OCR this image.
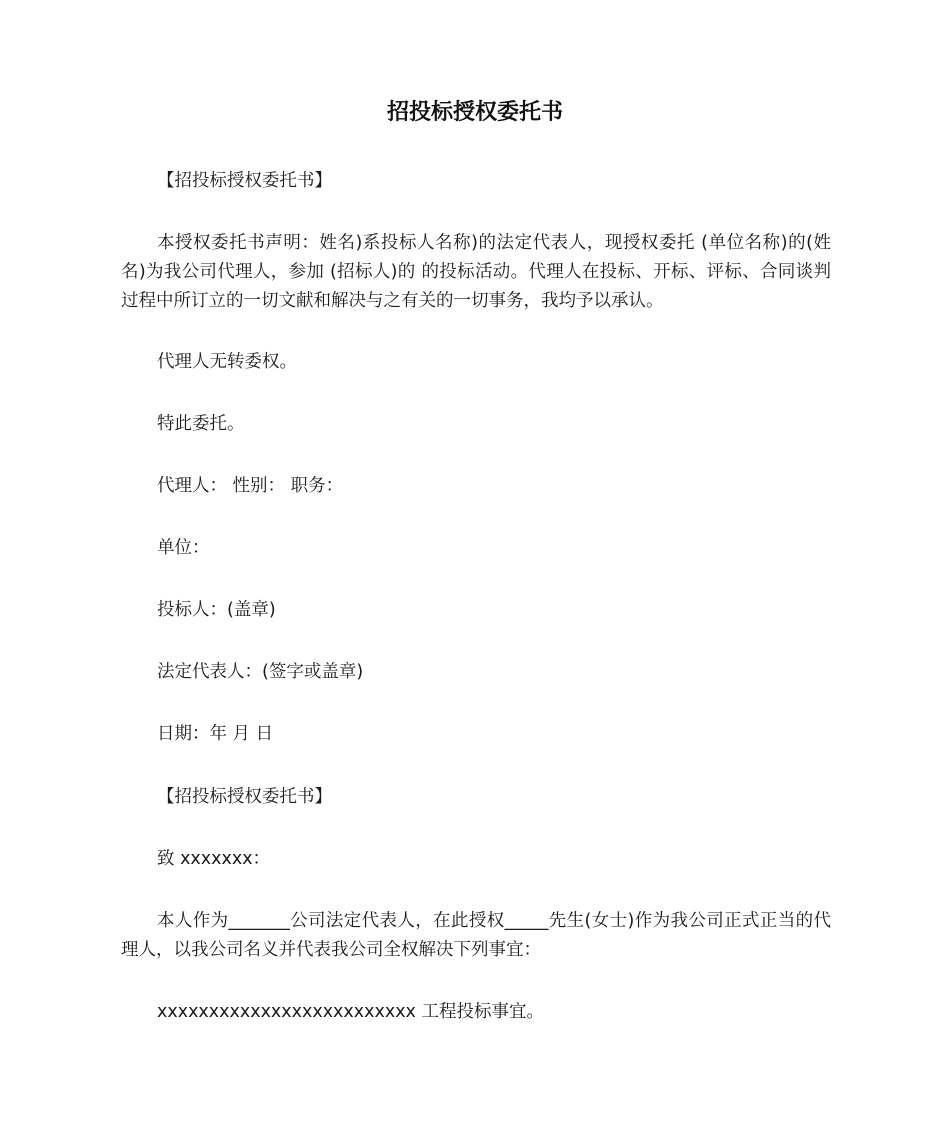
招投标授权委托书
【招投标授权委托书】
本授权委托书声明：姓名)系投标人名称)的法定代表人，现授权委托 (单位名称)的(姓名)为我公司代理人，参加 (招标人)的 的投标活动。代理人在投标、开标、评标、合同谈判过程中所订立的一切文献和解决与之有关的一切事务，我均予以承认。
代理人无转委权。
特此委托。
代理人： 性别： 职务：
单位：
投标人：(盖章)
法定代表人：(签字或盖章)
日期：年 月 日
【招投标授权委托书】
致 xxxxxxx：
本人作为_______公司法定代表人，在此授权_____先生(女士)作为我公司正式正当的代理人，以我公司名义并代表我公司全权解决下列事宜：
xxxxxxxxxxxxxxxxxxxxxxxxx 工程投标事宜。
